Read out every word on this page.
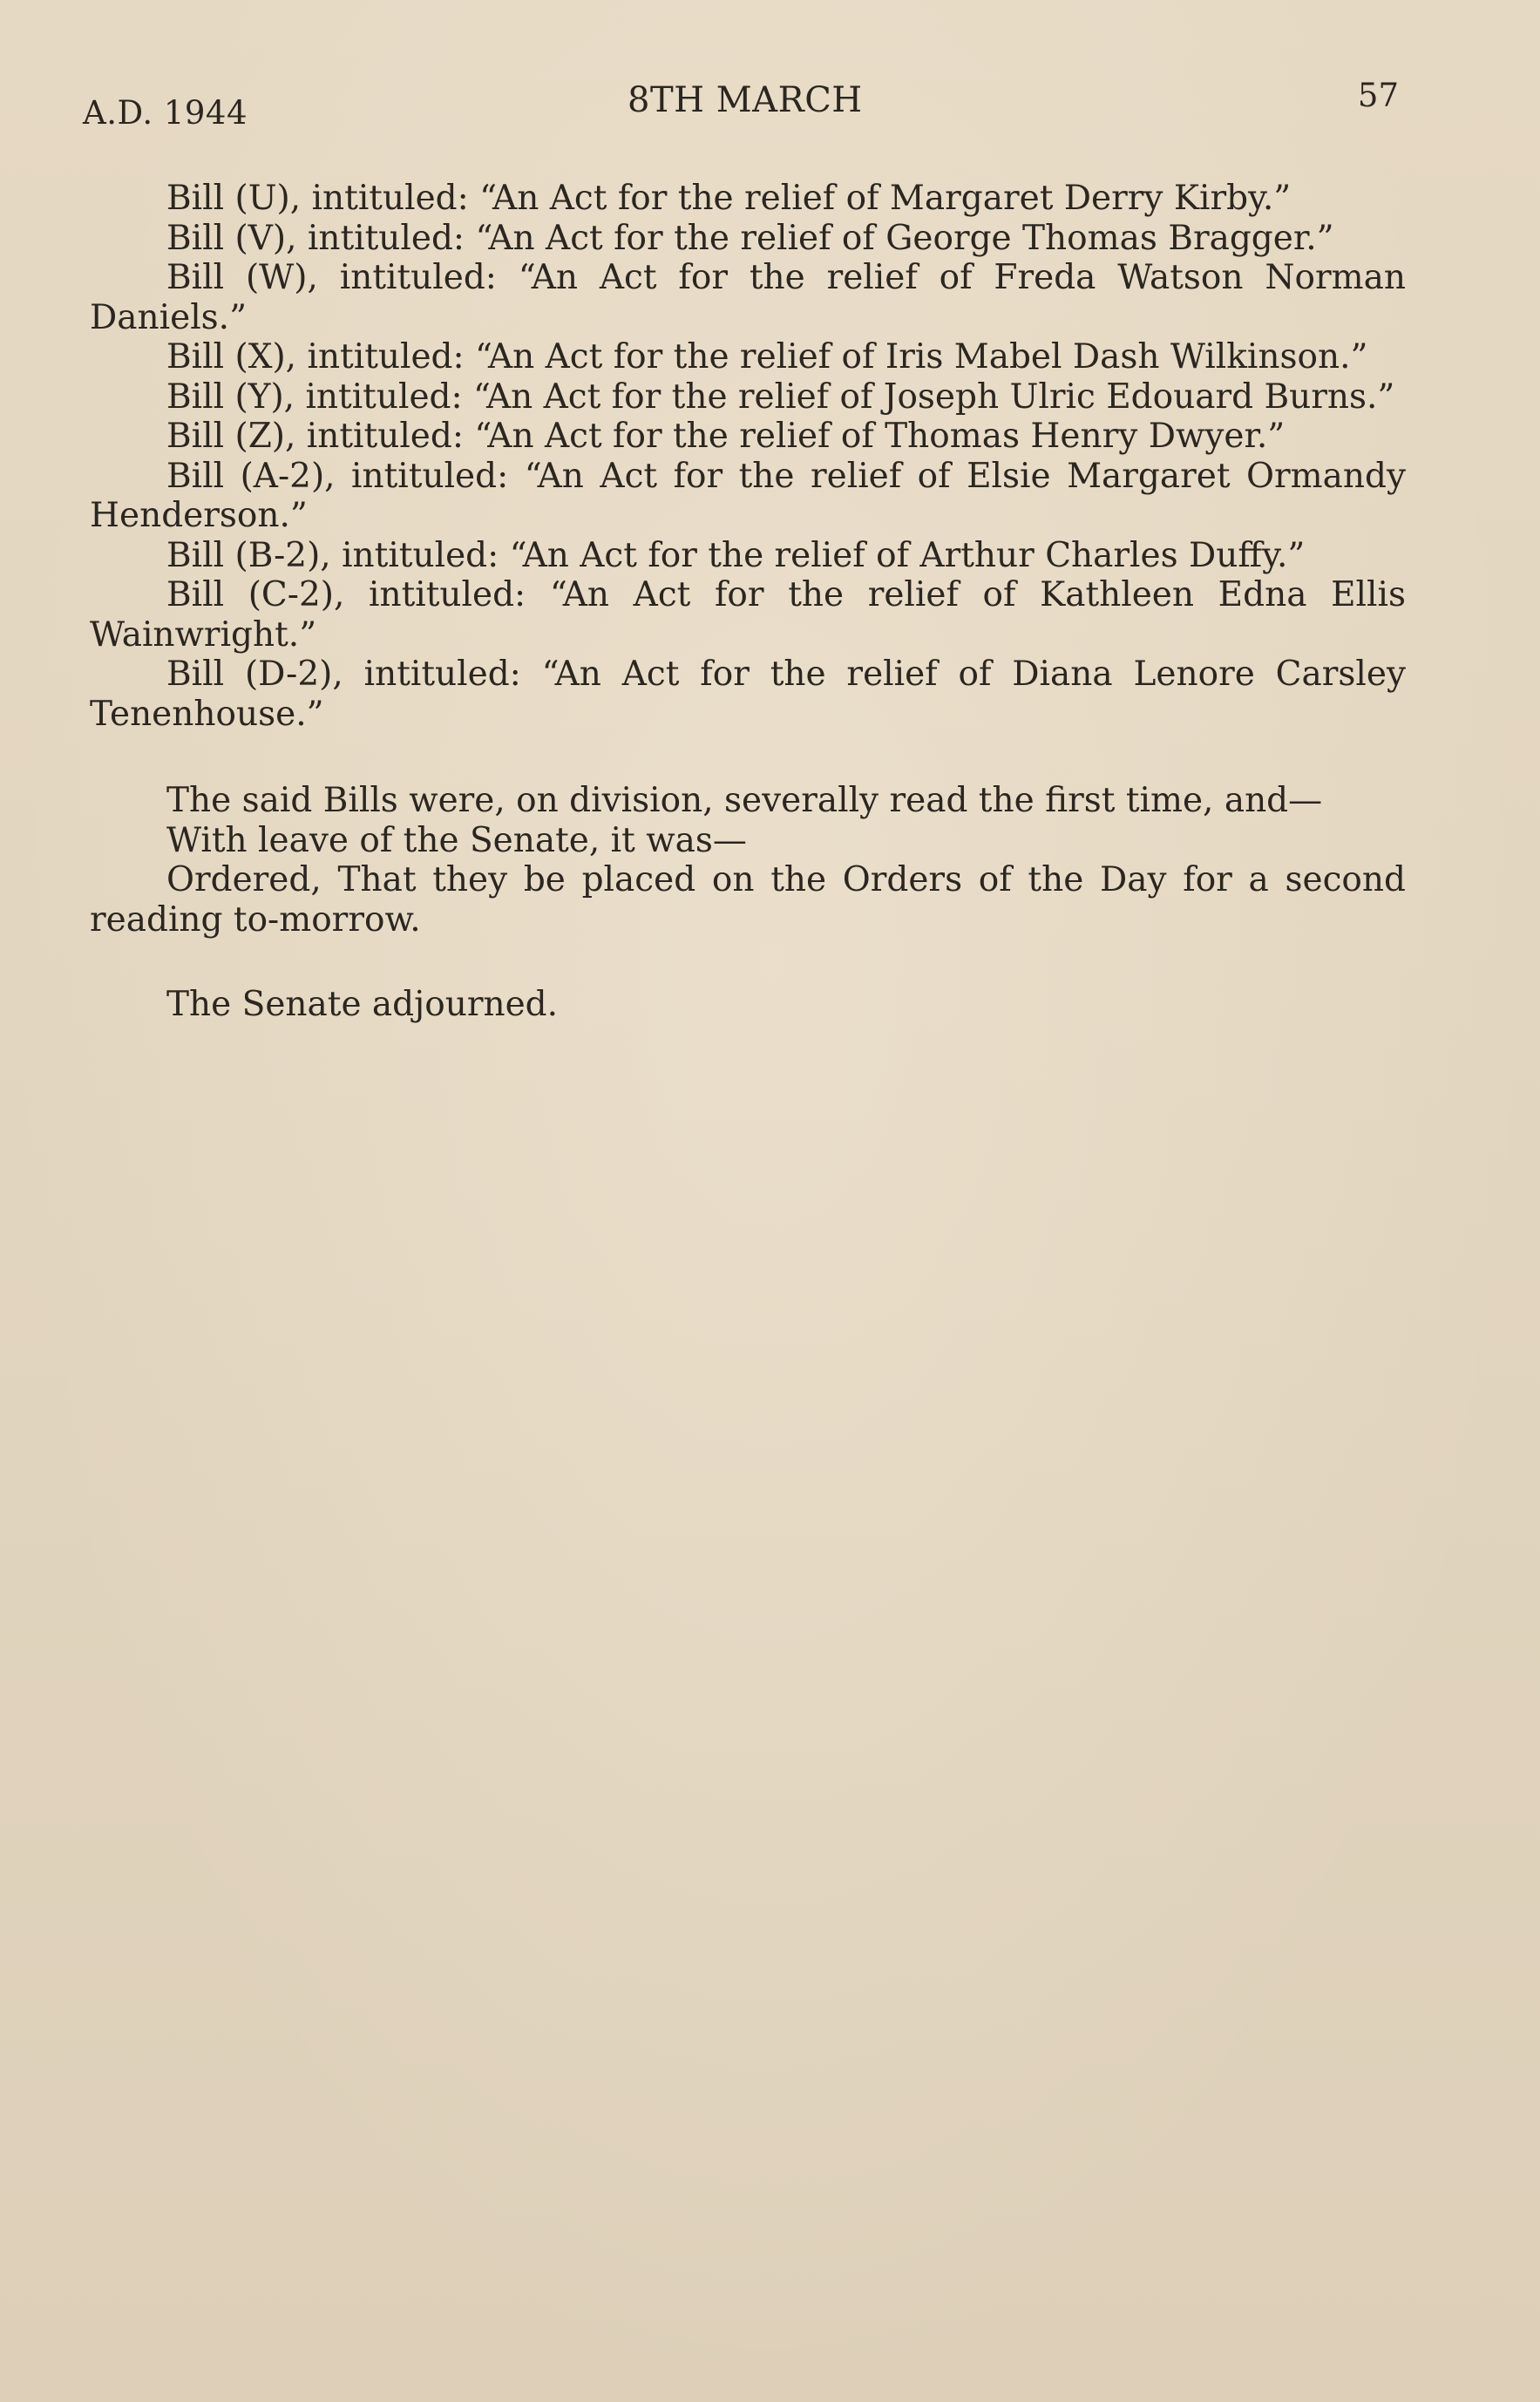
A.D. 1944	8TH MARCH	57

Bill (U), intituled: “An Act for the relief of Margaret Derry Kirby.”

Bill (V), intituled: “An Act for the relief of George Thomas Bragger.”

Bill (W), intituled: “An Act for the relief of Freda Watson Norman Daniels.”

Bill (X), intituled: “An Act for the relief of Iris Mabel Dash Wilkinson.”

Bill (Y), intituled: “An Act for the relief of Joseph Ulric Edouard Burns.”

Bill (Z), intituled: “An Act for the relief of Thomas Henry Dwyer.”

Bill (A-2), intituled: “An Act for the relief of Elsie Margaret Ormandy Henderson.”

Bill (B-2), intituled: “An Act for the relief of Arthur Charles Duffy.”

Bill (C-2), intituled: “An Act for the relief of Kathleen Edna Ellis Wainwright.”

Bill (D-2), intituled: “An Act for the relief of Diana Lenore Carsley Tenenhouse.”

The said Bills were, on division, severally read the first time, and—

With leave of the Senate, it was—

Ordered, That they be placed on the Orders of the Day for a second reading to-morrow.

The Senate adjourned.
